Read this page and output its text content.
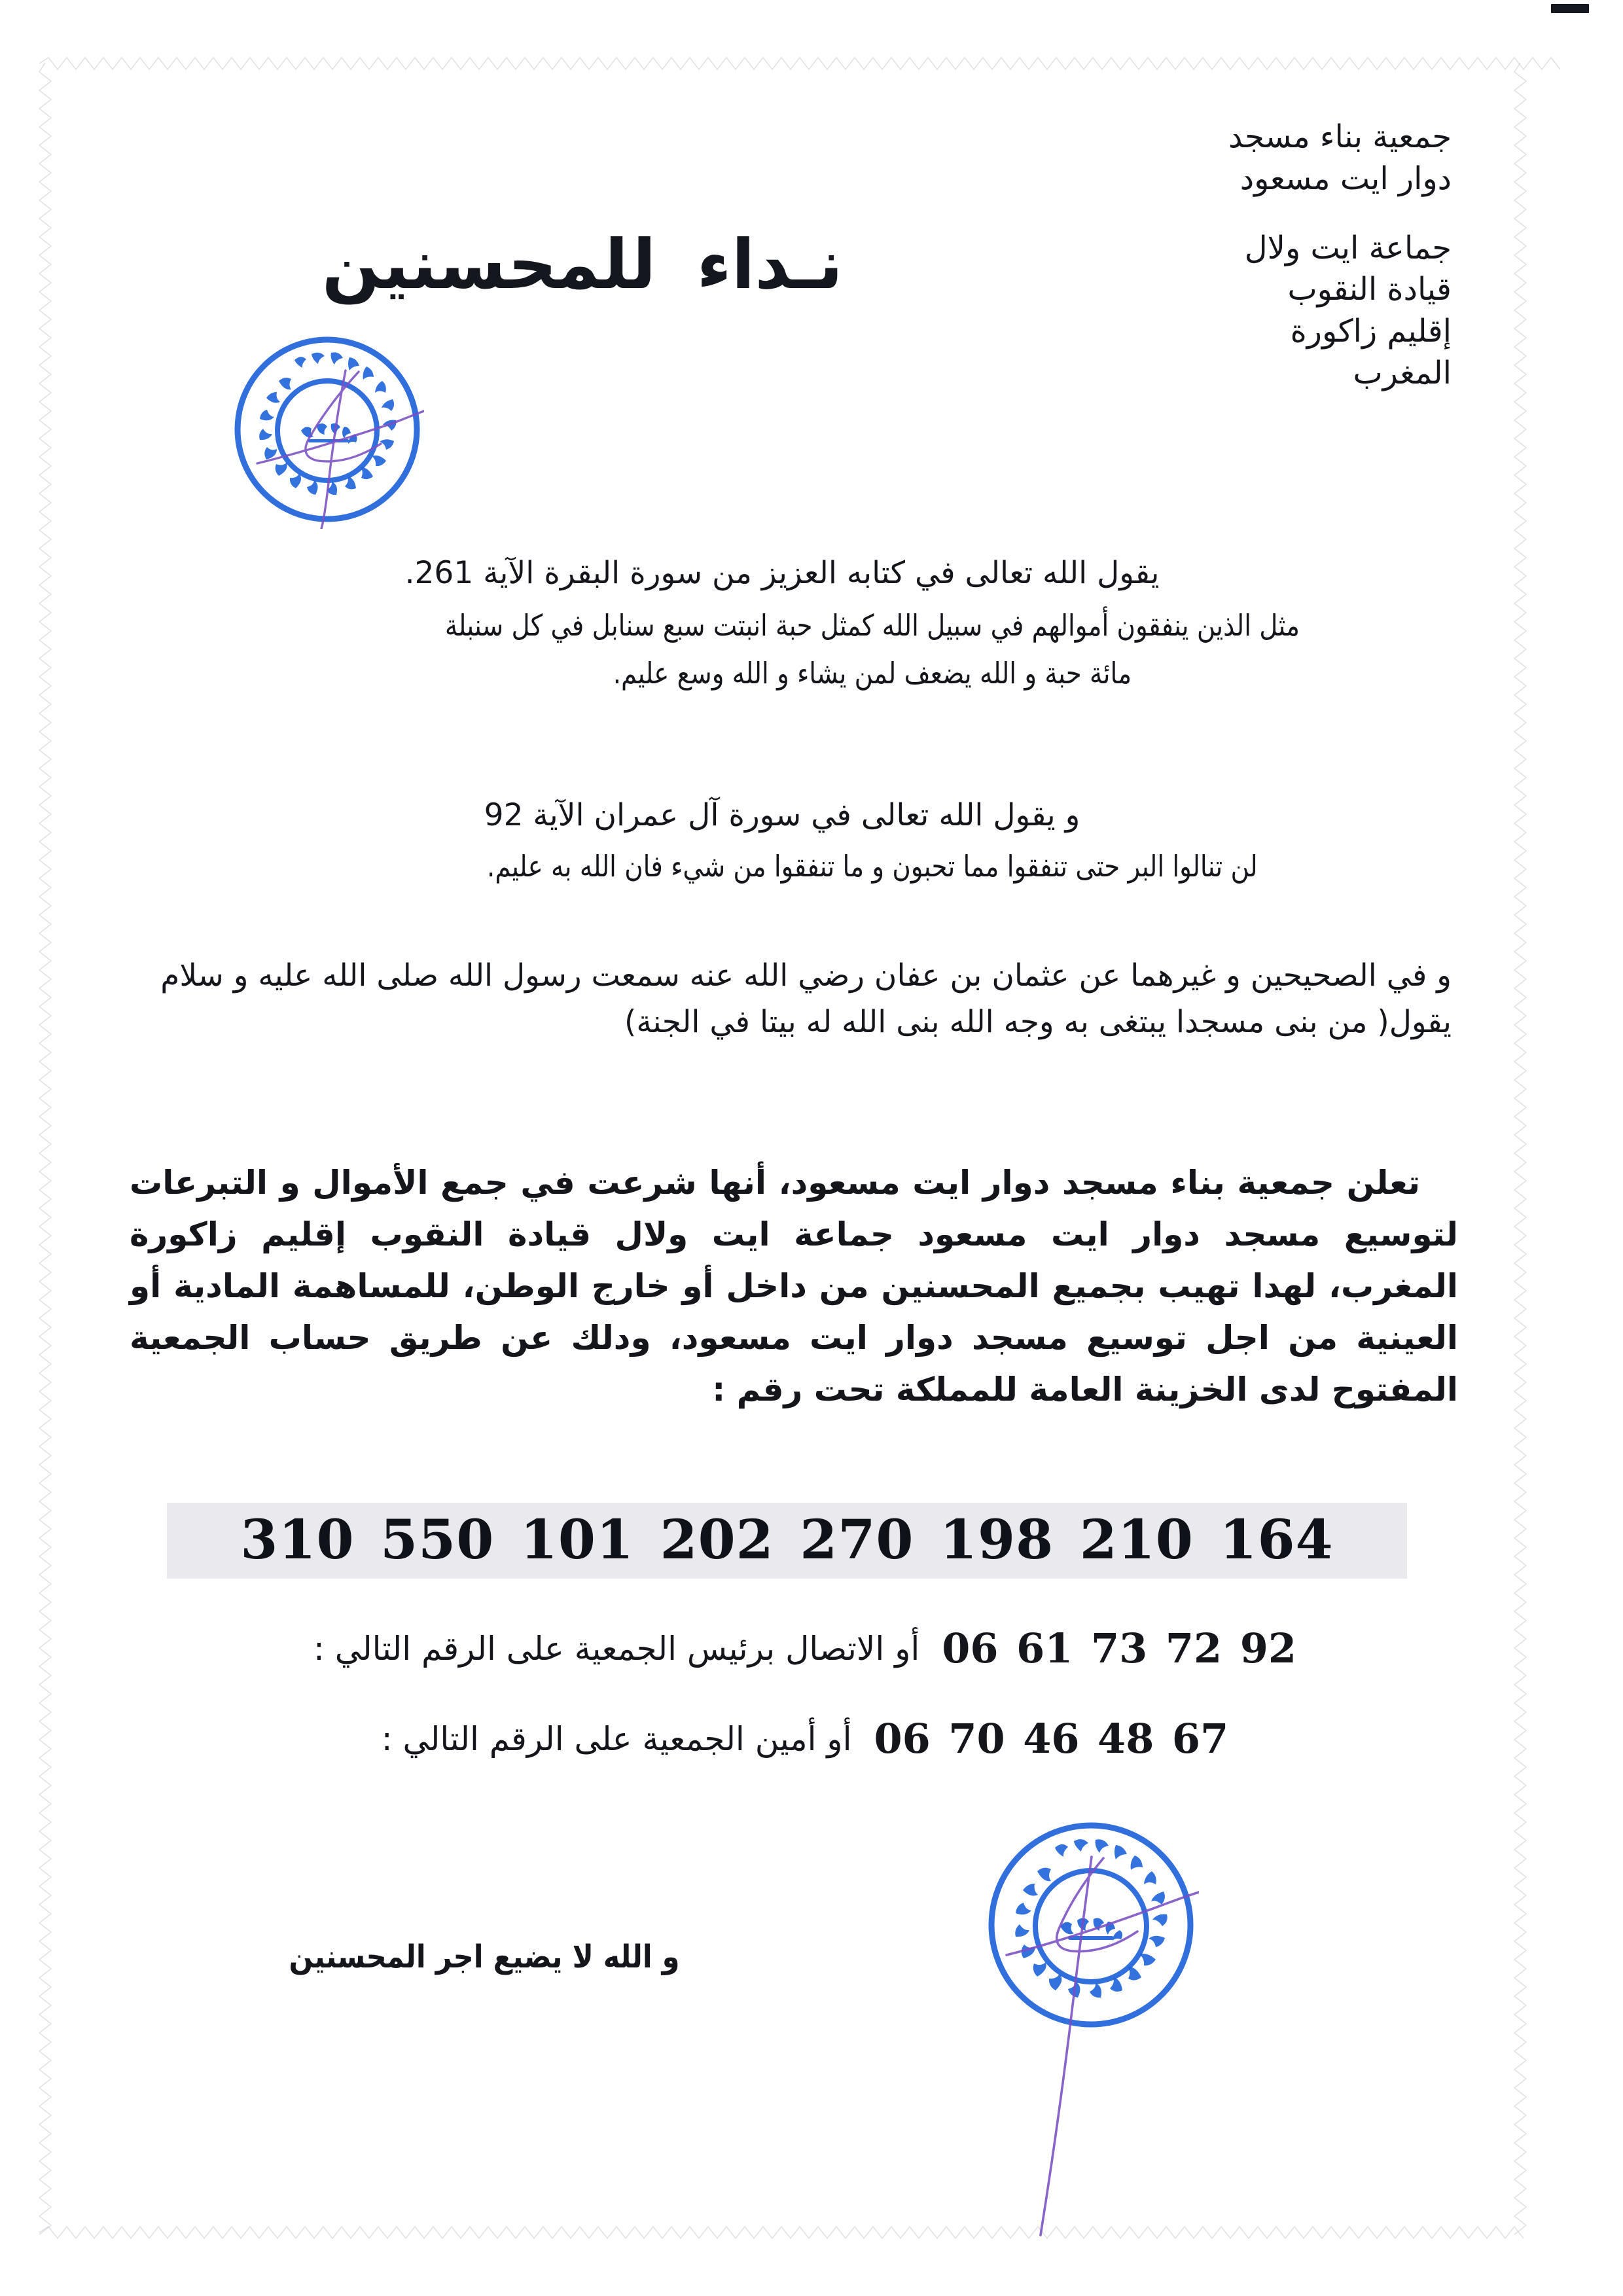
جمعية بناء مسجد
دوار ايت مسعود
جماعة ايت ولال
قيادة النقوب
إقليم زاكورة
المغرب
نـداء للمحسنين
يقول الله تعالى في كتابه العزيز من سورة البقرة الآية 261.
مثل الذين ينفقون أموالهم في سبيل الله كمثل حبة انبتت سبع سنابل في كل سنبلة
مائة حبة و الله يضعف لمن يشاء و الله وسع عليم.
و يقول الله تعالى في سورة آل عمران الآية 92
لن تنالوا البر حتى تنفقوا مما تحبون و ما تنفقوا من شيء فان الله به عليم.
و في الصحيحين و غيرهما عن عثمان بن عفان رضي الله عنه سمعت رسول الله صلى الله عليه و سلام يقول( من بنى مسجدا يبتغى به وجه الله بنى الله له بيتا في الجنة)
تعلن جمعية بناء مسجد دوار ايت مسعود، أنها شرعت في جمع الأموال و التبرعات لتوسيع مسجد دوار ايت مسعود جماعة ايت ولال قيادة النقوب إقليم زاكورة المغرب، لهدا تهيب بجميع المحسنين من داخل أو خارج الوطن، للمساهمة المادية أو العينية من اجل توسيع مسجد دوار ايت مسعود، ودلك عن طريق حساب الجمعية المفتوح لدى الخزينة العامة للمملكة تحت رقم :
310 550 101 202 270 198 210 164
06 61 73 72 92أو الاتصال برئيس الجمعية على الرقم التالي :
06 70 46 48 67أو أمين الجمعية على الرقم التالي :
و الله لا يضيع اجر المحسنين
